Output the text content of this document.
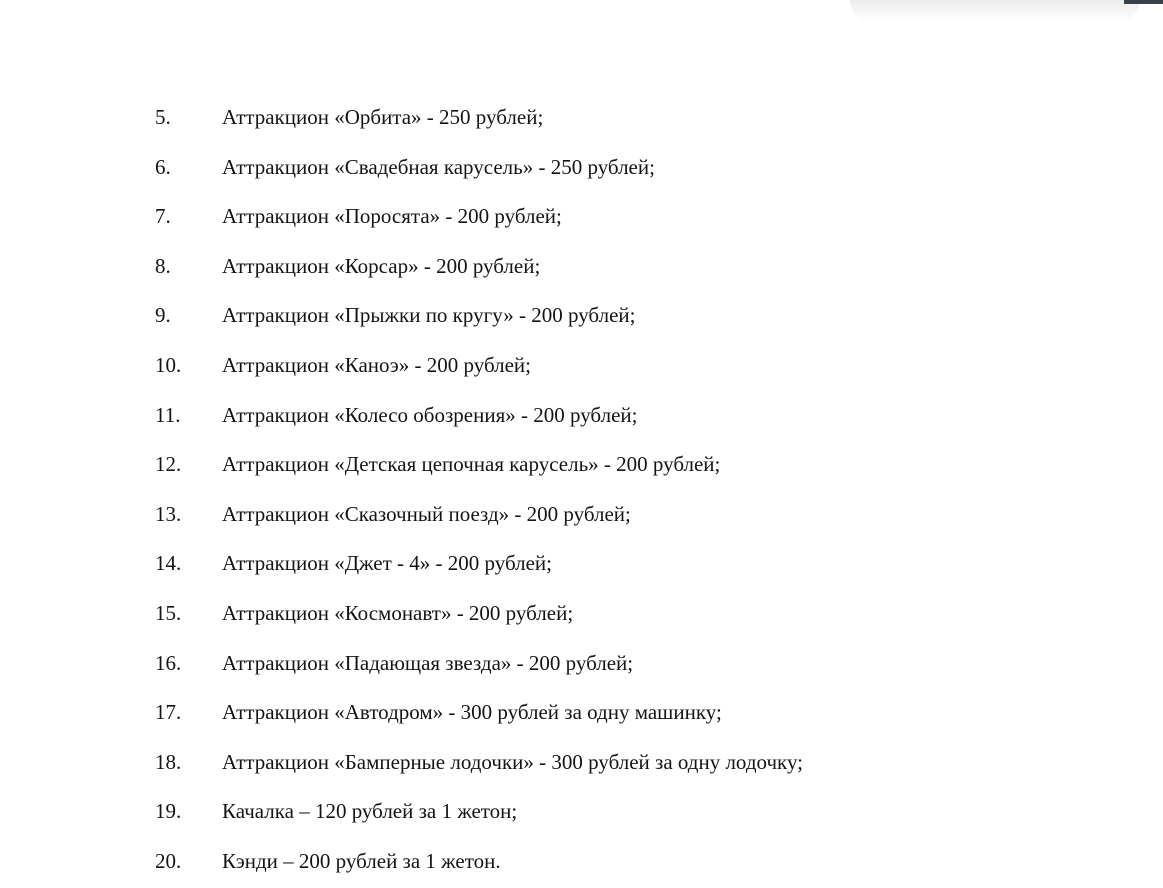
5. Аттракцион «Орбита» - 250 рублей;
6. Аттракцион «Свадебная карусель» - 250 рублей;
7. Аттракцион «Поросята» - 200 рублей;
8. Аттракцион «Корсар» - 200 рублей;
9. Аттракцион «Прыжки по кругу» - 200 рублей;
10. Аттракцион «Каноэ» - 200 рублей;
11. Аттракцион «Колесо обозрения» - 200 рублей;
12. Аттракцион «Детская цепочная карусель» - 200 рублей;
13. Аттракцион «Сказочный поезд» - 200 рублей;
14. Аттракцион «Джет - 4» - 200 рублей;
15. Аттракцион «Космонавт» - 200 рублей;
16. Аттракцион «Падающая звезда» - 200 рублей;
17. Аттракцион «Автодром» - 300 рублей за одну машинку;
18. Аттракцион «Бамперные лодочки» - 300 рублей за одну лодочку;
19. Качалка – 120 рублей за 1 жетон;
20. Кэнди – 200 рублей за 1 жетон.
